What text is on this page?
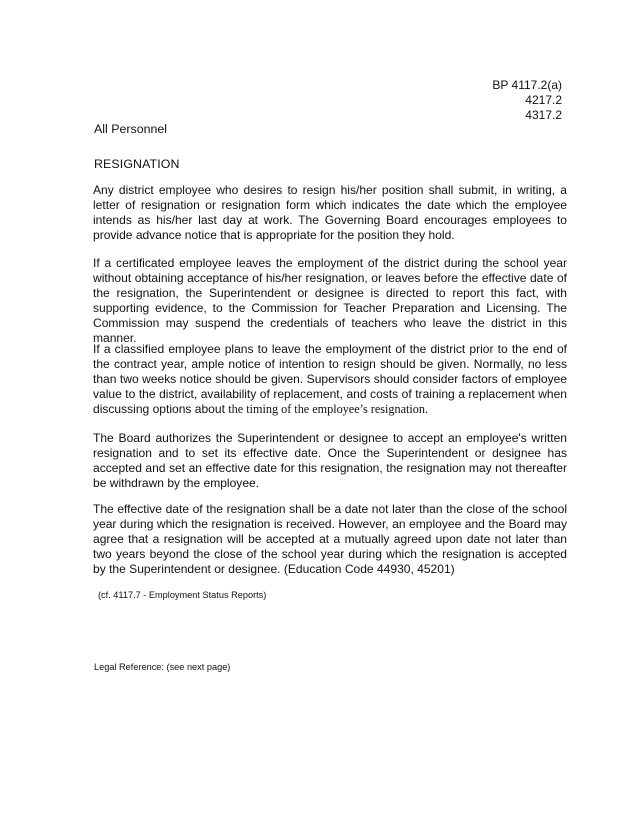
BP 4117.2(a)
4217.2
4317.2
All Personnel
RESIGNATION
Any district employee who desires to resign his/her position shall submit, in writing, a letter of resignation or resignation form which indicates the date which the employee intends as his/her last day at work. The Governing Board encourages employees to provide advance notice that is appropriate for the position they hold.
If a certificated employee leaves the employment of the district during the school year without obtaining acceptance of his/her resignation, or leaves before the effective date of the resignation, the Superintendent or designee is directed to report this fact, with supporting evidence, to the Commission for Teacher Preparation and Licensing. The Commission may suspend the credentials of teachers who leave the district in this manner.
If a classified employee plans to leave the employment of the district prior to the end of the contract year, ample notice of intention to resign should be given. Normally, no less than two weeks notice should be given. Supervisors should consider factors of employee value to the district, availability of replacement, and costs of training a replacement when discussing options about the timing of the employee’s resignation.
The Board authorizes the Superintendent or designee to accept an employee's written resignation and to set its effective date. Once the Superintendent or designee has accepted and set an effective date for this resignation, the resignation may not thereafter be withdrawn by the employee.
The effective date of the resignation shall be a date not later than the close of the school year during which the resignation is received. However, an employee and the Board may agree that a resignation will be accepted at a mutually agreed upon date not later than two years beyond the close of the school year during which the resignation is accepted by the Superintendent or designee. (Education Code 44930, 45201)
(cf. 4117.7 - Employment Status Reports)
Legal Reference: (see next page)
